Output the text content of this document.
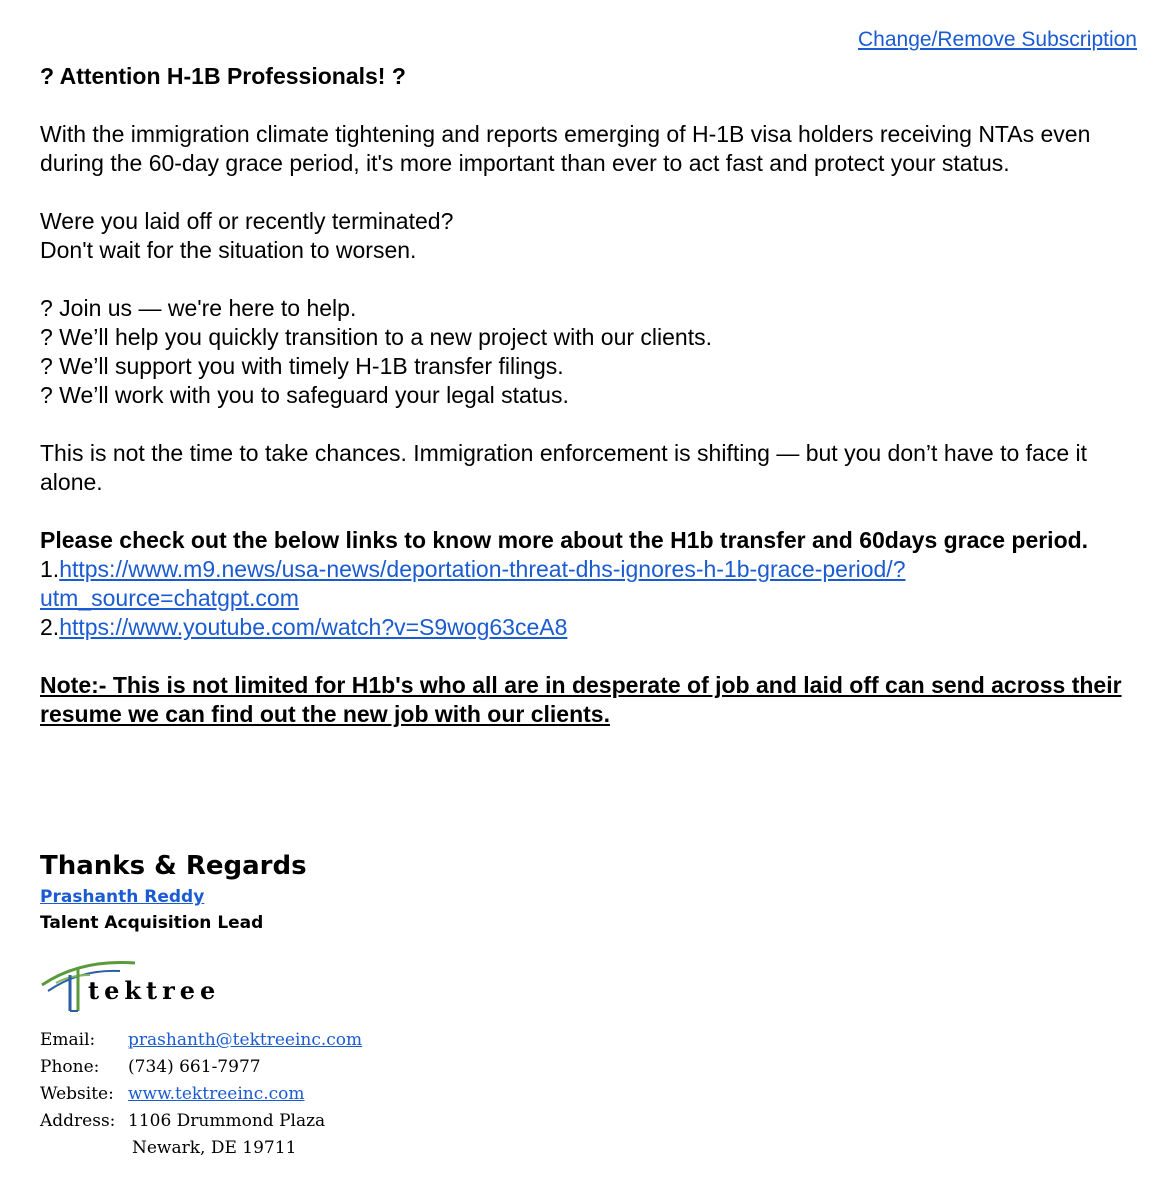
Change/Remove Subscription

? Attention H-1B Professionals! ?

With the immigration climate tightening and reports emerging of H-1B visa holders receiving NTAs even during the 60-day grace period, it's more important than ever to act fast and protect your status.

Were you laid off or recently terminated?

Don't wait for the situation to worsen.

? Join us — we're here to help.

? We’ll help you quickly transition to a new project with our clients.

? We’ll support you with timely H-1B transfer filings.

? We’ll work with you to safeguard your legal status.

This is not the time to take chances. Immigration enforcement is shifting — but you don’t have to face it alone.

Please check out the below links to know more about the H1b transfer and 60days grace period.

1.https://www.m9.news/usa-news/deportation-threat-dhs-ignores-h-1b-grace-period/?
utm_source=chatgpt.com

2.https://www.youtube.com/watch?v=S9wog63ceA8

Note:- This is not limited for H1b's who all are in desperate of job and laid off can send across their resume we can find out the new job with our clients.

Thanks & Regards
Prashanth Reddy
Talent Acquisition Lead
tektree
Email:	prashanth@tektreeinc.com
Phone:	(734) 661-7977
Website: www.tektreeinc.com
Address: 1106 Drummond Plaza
Newark, DE 19711
